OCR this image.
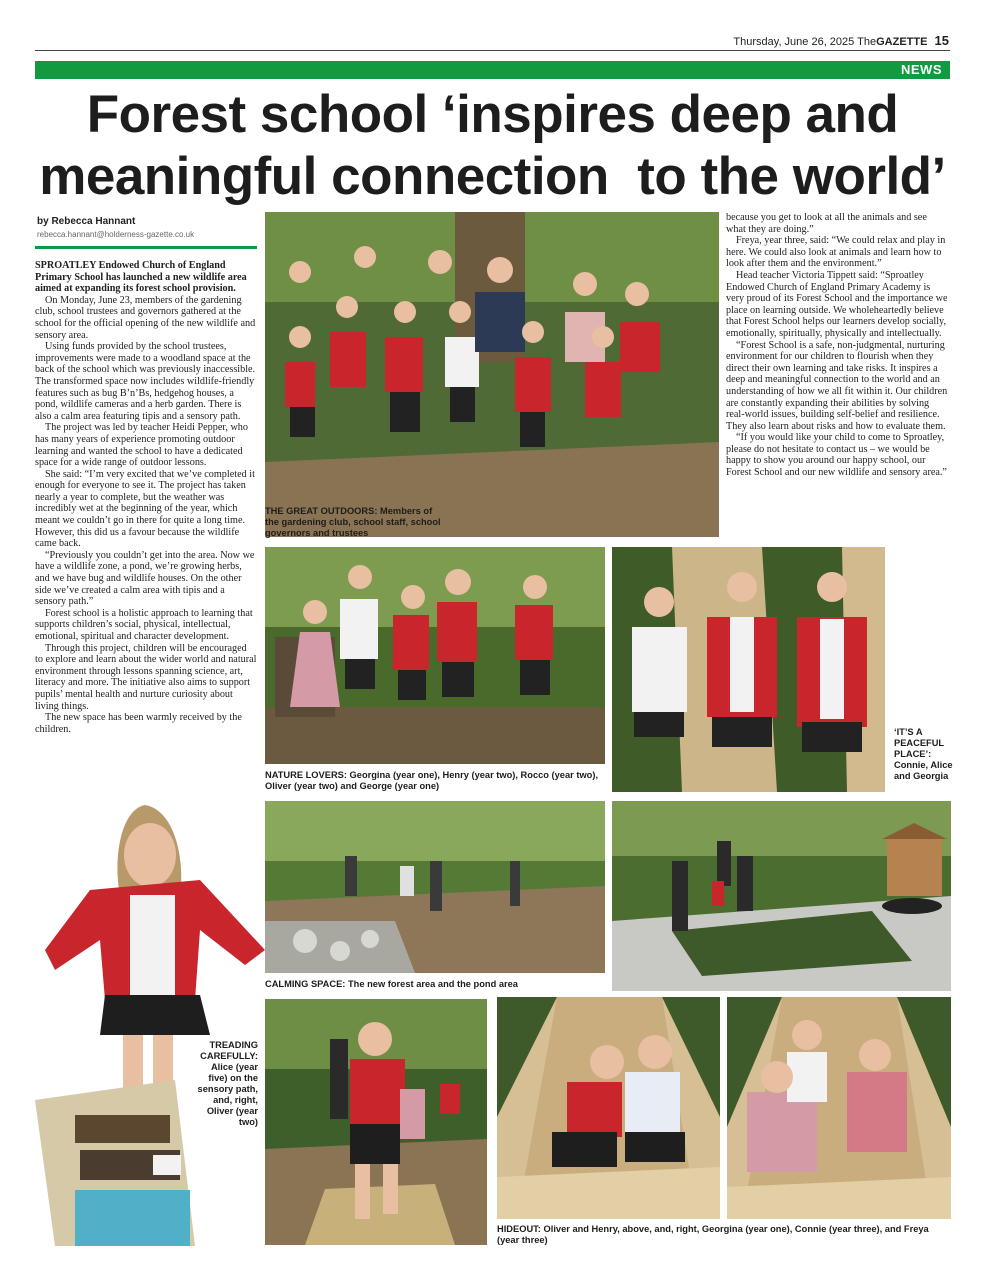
Thursday, June 26, 2025 TheGAZETTE 15
NEWS
Forest school ‘inspires deep and
meaningful connection  to the world’
by Rebecca Hannant
rebecca.hannant@holderness-gazette.co.uk

SPROATLEY Endowed Church of England Primary School has launched a new wildlife area aimed at expanding its forest school provision.

On Monday, June 23, members of the gardening club, school trustees and governors gathered at the school for the official opening of the new wildlife and sensory area.

Using funds provided by the school trustees, improvements were made to a woodland space at the back of the school which was previously inaccessible. The transformed space now includes wildlife-friendly features such as bug B’n’Bs, hedgehog houses, a pond, wildlife cameras and a herb garden. There is also a calm area featuring tipis and a sensory path.

The project was led by teacher Heidi Pepper, who has many years of experience promoting outdoor learning and wanted the school to have a dedicated space for a wide range of outdoor lessons.

She said: “I’m very excited that we’ve completed it enough for everyone to see it. The project has taken nearly a year to complete, but the weather was incredibly wet at the beginning of the year, which meant we couldn’t go in there for quite a long time. However, this did us a favour because the wildlife came back.

“Previously you couldn’t get into the area. Now we have a wildlife zone, a pond, we’re growing herbs, and we have bug and wildlife houses. On the other side we’ve created a calm area with tipis and a sensory path.”

Forest school is a holistic approach to learning that supports children’s social, physical, intellectual, emotional, spiritual and character development.

Through this project, children will be encouraged to explore and learn about the wider world and natural environment through lessons spanning science, art, literacy and more. The initiative also aims to support pupils’ mental health and nurture curiosity about living things.

The new space has been warmly received by the children.

because you get to look at all the animals and see what they are doing.”

Freya, year three, said: “We could relax and play in here. We could also look at animals and learn how to look after them and the environment.”

Head teacher Victoria Tippett said: “Sproatley Endowed Church of England Primary Academy is very proud of its Forest School and the importance we place on learning outside. We wholeheartedly believe that Forest School helps our learners develop socially, emotionally, spiritually, physically and intellectually.

“Forest School is a safe, non-judgmental, nurturing environment for our children to flourish when they direct their own learning and take risks. It inspires a deep and meaningful connection to the world and an understanding of how we all fit within it. Our children are constantly expanding their abilities by solving real-world issues, building self-belief and resilience. They also learn about risks and how to evaluate them.

“If you would like your child to come to Sproatley, please do not hesitate to contact us – we would be happy to show you around our happy school, our Forest School and our new wildlife and sensory area.”

THE GREAT OUTDOORS: Members of the gardening club, school staff, school governors and trustees
NATURE LOVERS: Georgina (year one), Henry (year two), Rocco (year two), Oliver (year two) and George (year one)
‘IT’S A PEACEFUL PLACE’: Connie, Alice and Georgia
CALMING SPACE: The new forest area and the pond area
TREADING CAREFULLY: Alice (year five) on the sensory path, and, right, Oliver (year two)
HIDEOUT: Oliver and Henry, above, and, right, Georgina (year one), Connie (year three), and Freya (year three)
